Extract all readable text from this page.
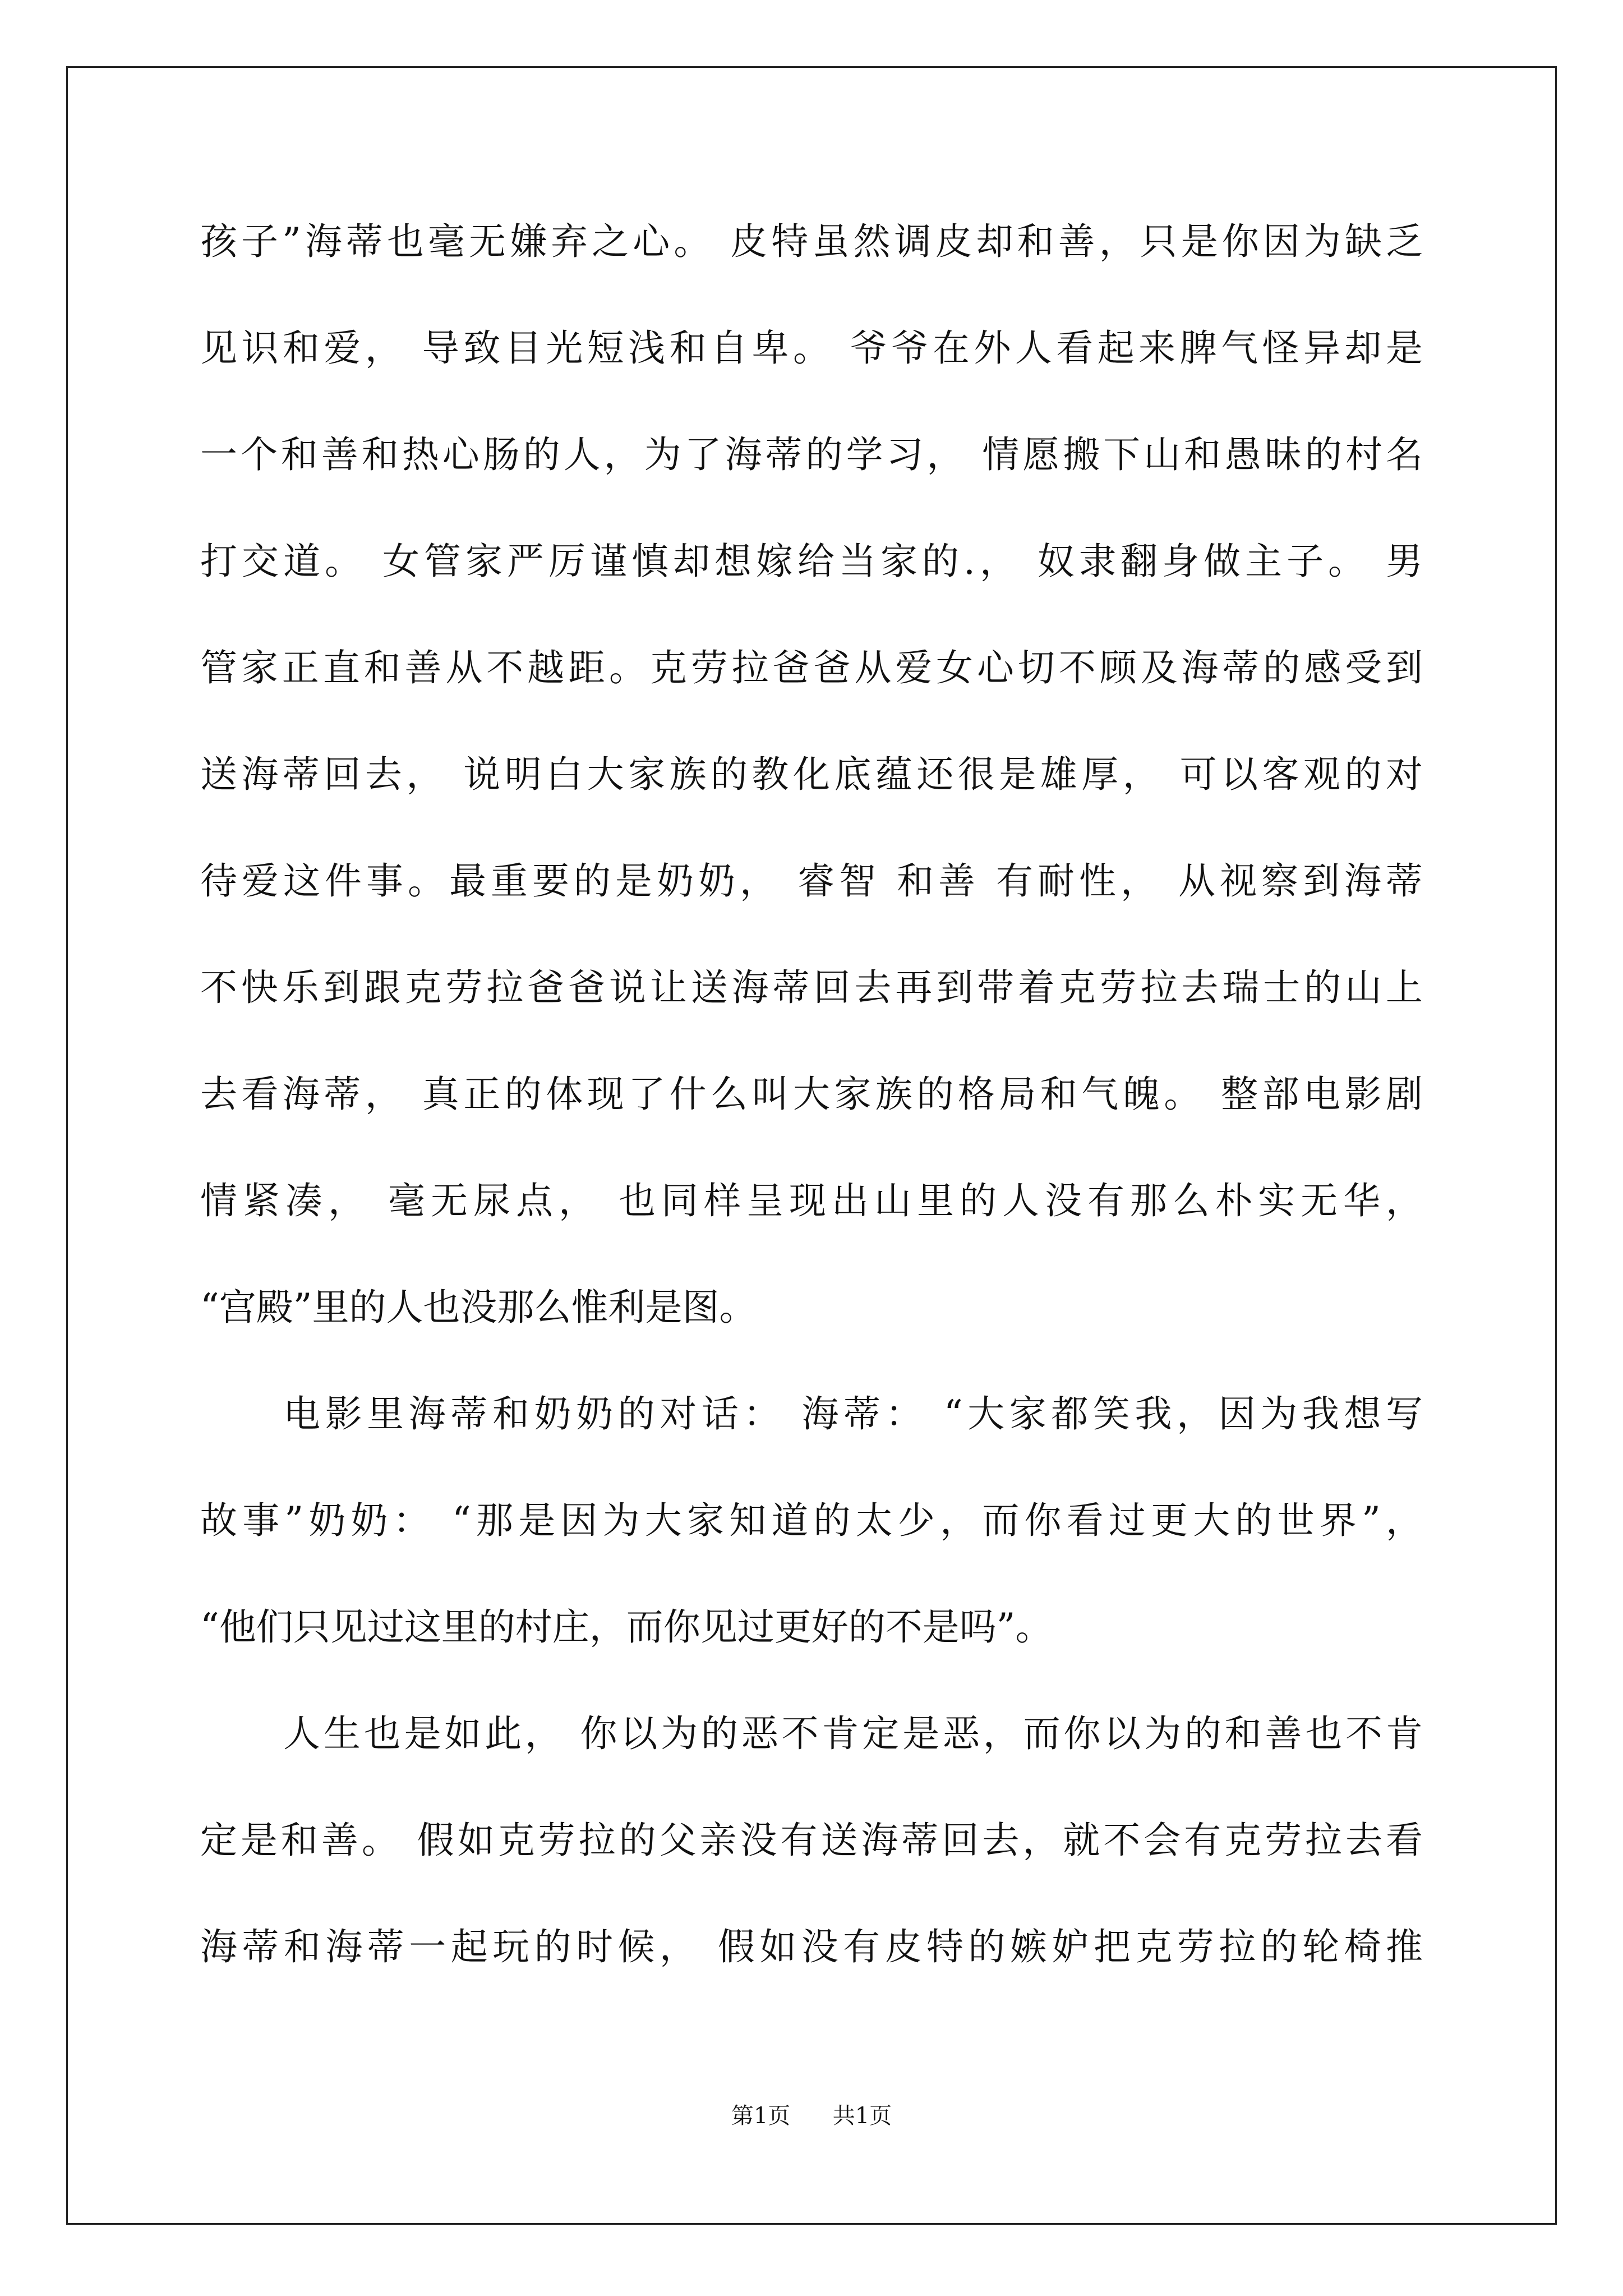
孩子”海蒂也毫无嫌弃之心。 皮特虽然调皮却和善，只是你因为缺乏
见识和爱， 导致目光短浅和自卑。 爷爷在外人看起来脾气怪异却是
一个和善和热心肠的人，为了海蒂的学习， 情愿搬下山和愚昧的村名
打交道。 女管家严厉谨慎却想嫁给当家的.， 奴隶翻身做主子。 男
管家正直和善从不越距。克劳拉爸爸从爱女心切不顾及海蒂的感受到
送海蒂回去， 说明白大家族的教化底蕴还很是雄厚， 可以客观的对
待爱这件事。最重要的是奶奶， 睿智 和善 有耐性， 从视察到海蒂
不快乐到跟克劳拉爸爸说让送海蒂回去再到带着克劳拉去瑞士的山上
去看海蒂， 真正的体现了什么叫大家族的格局和气魄。 整部电影剧
情紧凑， 毫无尿点， 也同样呈现出山里的人没有那么朴实无华，
“宫殿”里的人也没那么惟利是图。
电影里海蒂和奶奶的对话： 海蒂： “大家都笑我，因为我想写
故事”奶奶： “那是因为大家知道的太少，而你看过更大的世界”，
“他们只见过这里的村庄，而你见过更好的不是吗”。
人生也是如此， 你以为的恶不肯定是恶，而你以为的和善也不肯
定是和善。 假如克劳拉的父亲没有送海蒂回去，就不会有克劳拉去看
海蒂和海蒂一起玩的时候， 假如没有皮特的嫉妒把克劳拉的轮椅推
第1页 共1页
